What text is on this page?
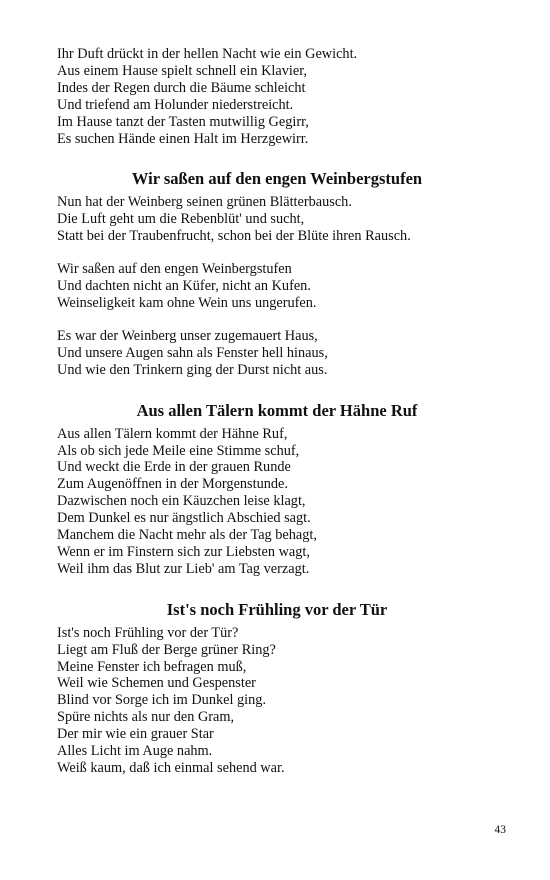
Ihr Duft drückt in der hellen Nacht wie ein Gewicht.
Aus einem Hause spielt schnell ein Klavier,
Indes der Regen durch die Bäume schleicht
Und triefend am Holunder niederstreicht.
Im Hause tanzt der Tasten mutwillig Gegirr,
Es suchen Hände einen Halt im Herzgewirr.
Wir saßen auf den engen Weinbergstufen
Nun hat der Weinberg seinen grünen Blätterbausch.
Die Luft geht um die Rebenblüt' und sucht,
Statt bei der Traubenfrucht, schon bei der Blüte ihren Rausch.
Wir saßen auf den engen Weinbergstufen
Und dachten nicht an Küfer, nicht an Kufen.
Weinseligkeit kam ohne Wein uns ungerufen.
Es war der Weinberg unser zugemauert Haus,
Und unsere Augen sahn als Fenster hell hinaus,
Und wie den Trinkern ging der Durst nicht aus.
Aus allen Tälern kommt der Hähne Ruf
Aus allen Tälern kommt der Hähne Ruf,
Als ob sich jede Meile eine Stimme schuf,
Und weckt die Erde in der grauen Runde
Zum Augenöffnen in der Morgenstunde.
Dazwischen noch ein Käuzchen leise klagt,
Dem Dunkel es nur ängstlich Abschied sagt.
Manchem die Nacht mehr als der Tag behagt,
Wenn er im Finstern sich zur Liebsten wagt,
Weil ihm das Blut zur Lieb' am Tag verzagt.
Ist's noch Frühling vor der Tür
Ist's noch Frühling vor der Tür?
Liegt am Fluß der Berge grüner Ring?
Meine Fenster ich befragen muß,
Weil wie Schemen und Gespenster
Blind vor Sorge ich im Dunkel ging.
Spüre nichts als nur den Gram,
Der mir wie ein grauer Star
Alles Licht im Auge nahm.
Weiß kaum, daß ich einmal sehend war.
43
